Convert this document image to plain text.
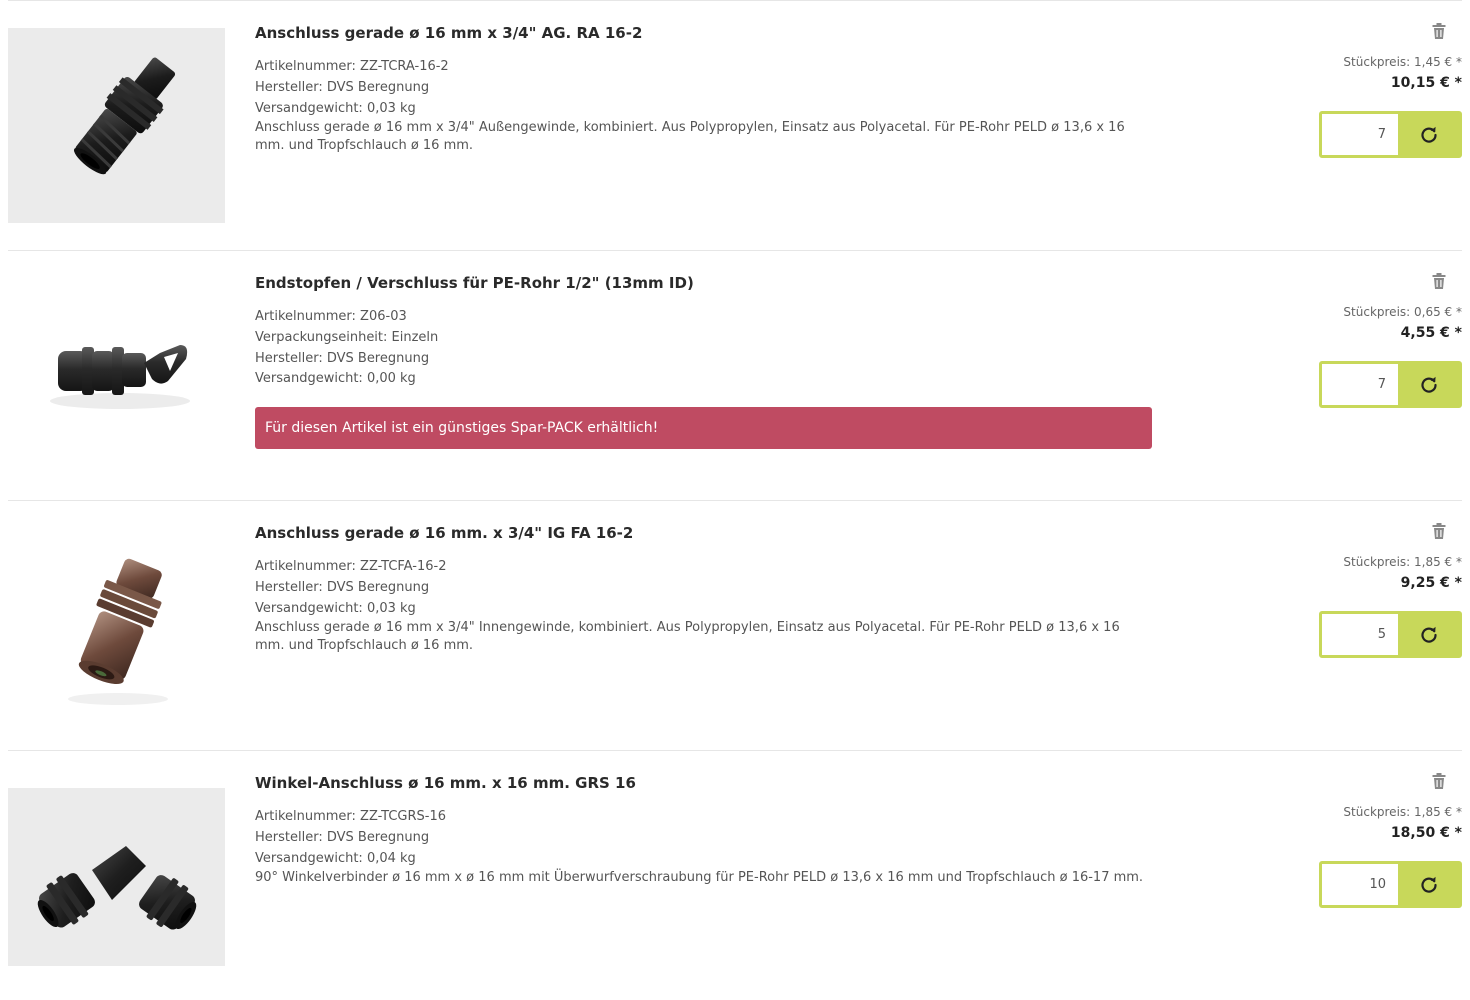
Anschluss gerade ø 16 mm x 3/4" AG. RA 16-2
Artikelnummer: ZZ-TCRA-16-2
Hersteller: DVS Beregnung
Versandgewicht: 0,03 kg
Anschluss gerade ø 16 mm x 3/4" Außengewinde, kombiniert. Aus Polypropylen, Einsatz aus Polyacetal. Für PE-Rohr PELD ø 13,6 x 16 mm. und Tropfschlauch ø 16 mm.
Stückpreis: 1,45 € *
10,15 € *
7
Endstopfen / Verschluss für PE-Rohr 1/2" (13mm ID)
Artikelnummer: Z06-03
Verpackungseinheit: Einzeln
Hersteller: DVS Beregnung
Versandgewicht: 0,00 kg
Für diesen Artikel ist ein günstiges Spar-PACK erhältlich!
Stückpreis: 0,65 € *
4,55 € *
7
Anschluss gerade ø 16 mm. x 3/4" IG FA 16-2
Artikelnummer: ZZ-TCFA-16-2
Hersteller: DVS Beregnung
Versandgewicht: 0,03 kg
Anschluss gerade ø 16 mm x 3/4" Innengewinde, kombiniert. Aus Polypropylen, Einsatz aus Polyacetal. Für PE-Rohr PELD ø 13,6 x 16 mm. und Tropfschlauch ø 16 mm.
Stückpreis: 1,85 € *
9,25 € *
5
Winkel-Anschluss ø 16 mm. x 16 mm. GRS 16
Artikelnummer: ZZ-TCGRS-16
Hersteller: DVS Beregnung
Versandgewicht: 0,04 kg
90° Winkelverbinder ø 16 mm x ø 16 mm mit Überwurfverschraubung für PE-Rohr PELD ø 13,6 x 16 mm und Tropfschlauch ø 16-17 mm.
Stückpreis: 1,85 € *
18,50 € *
10
